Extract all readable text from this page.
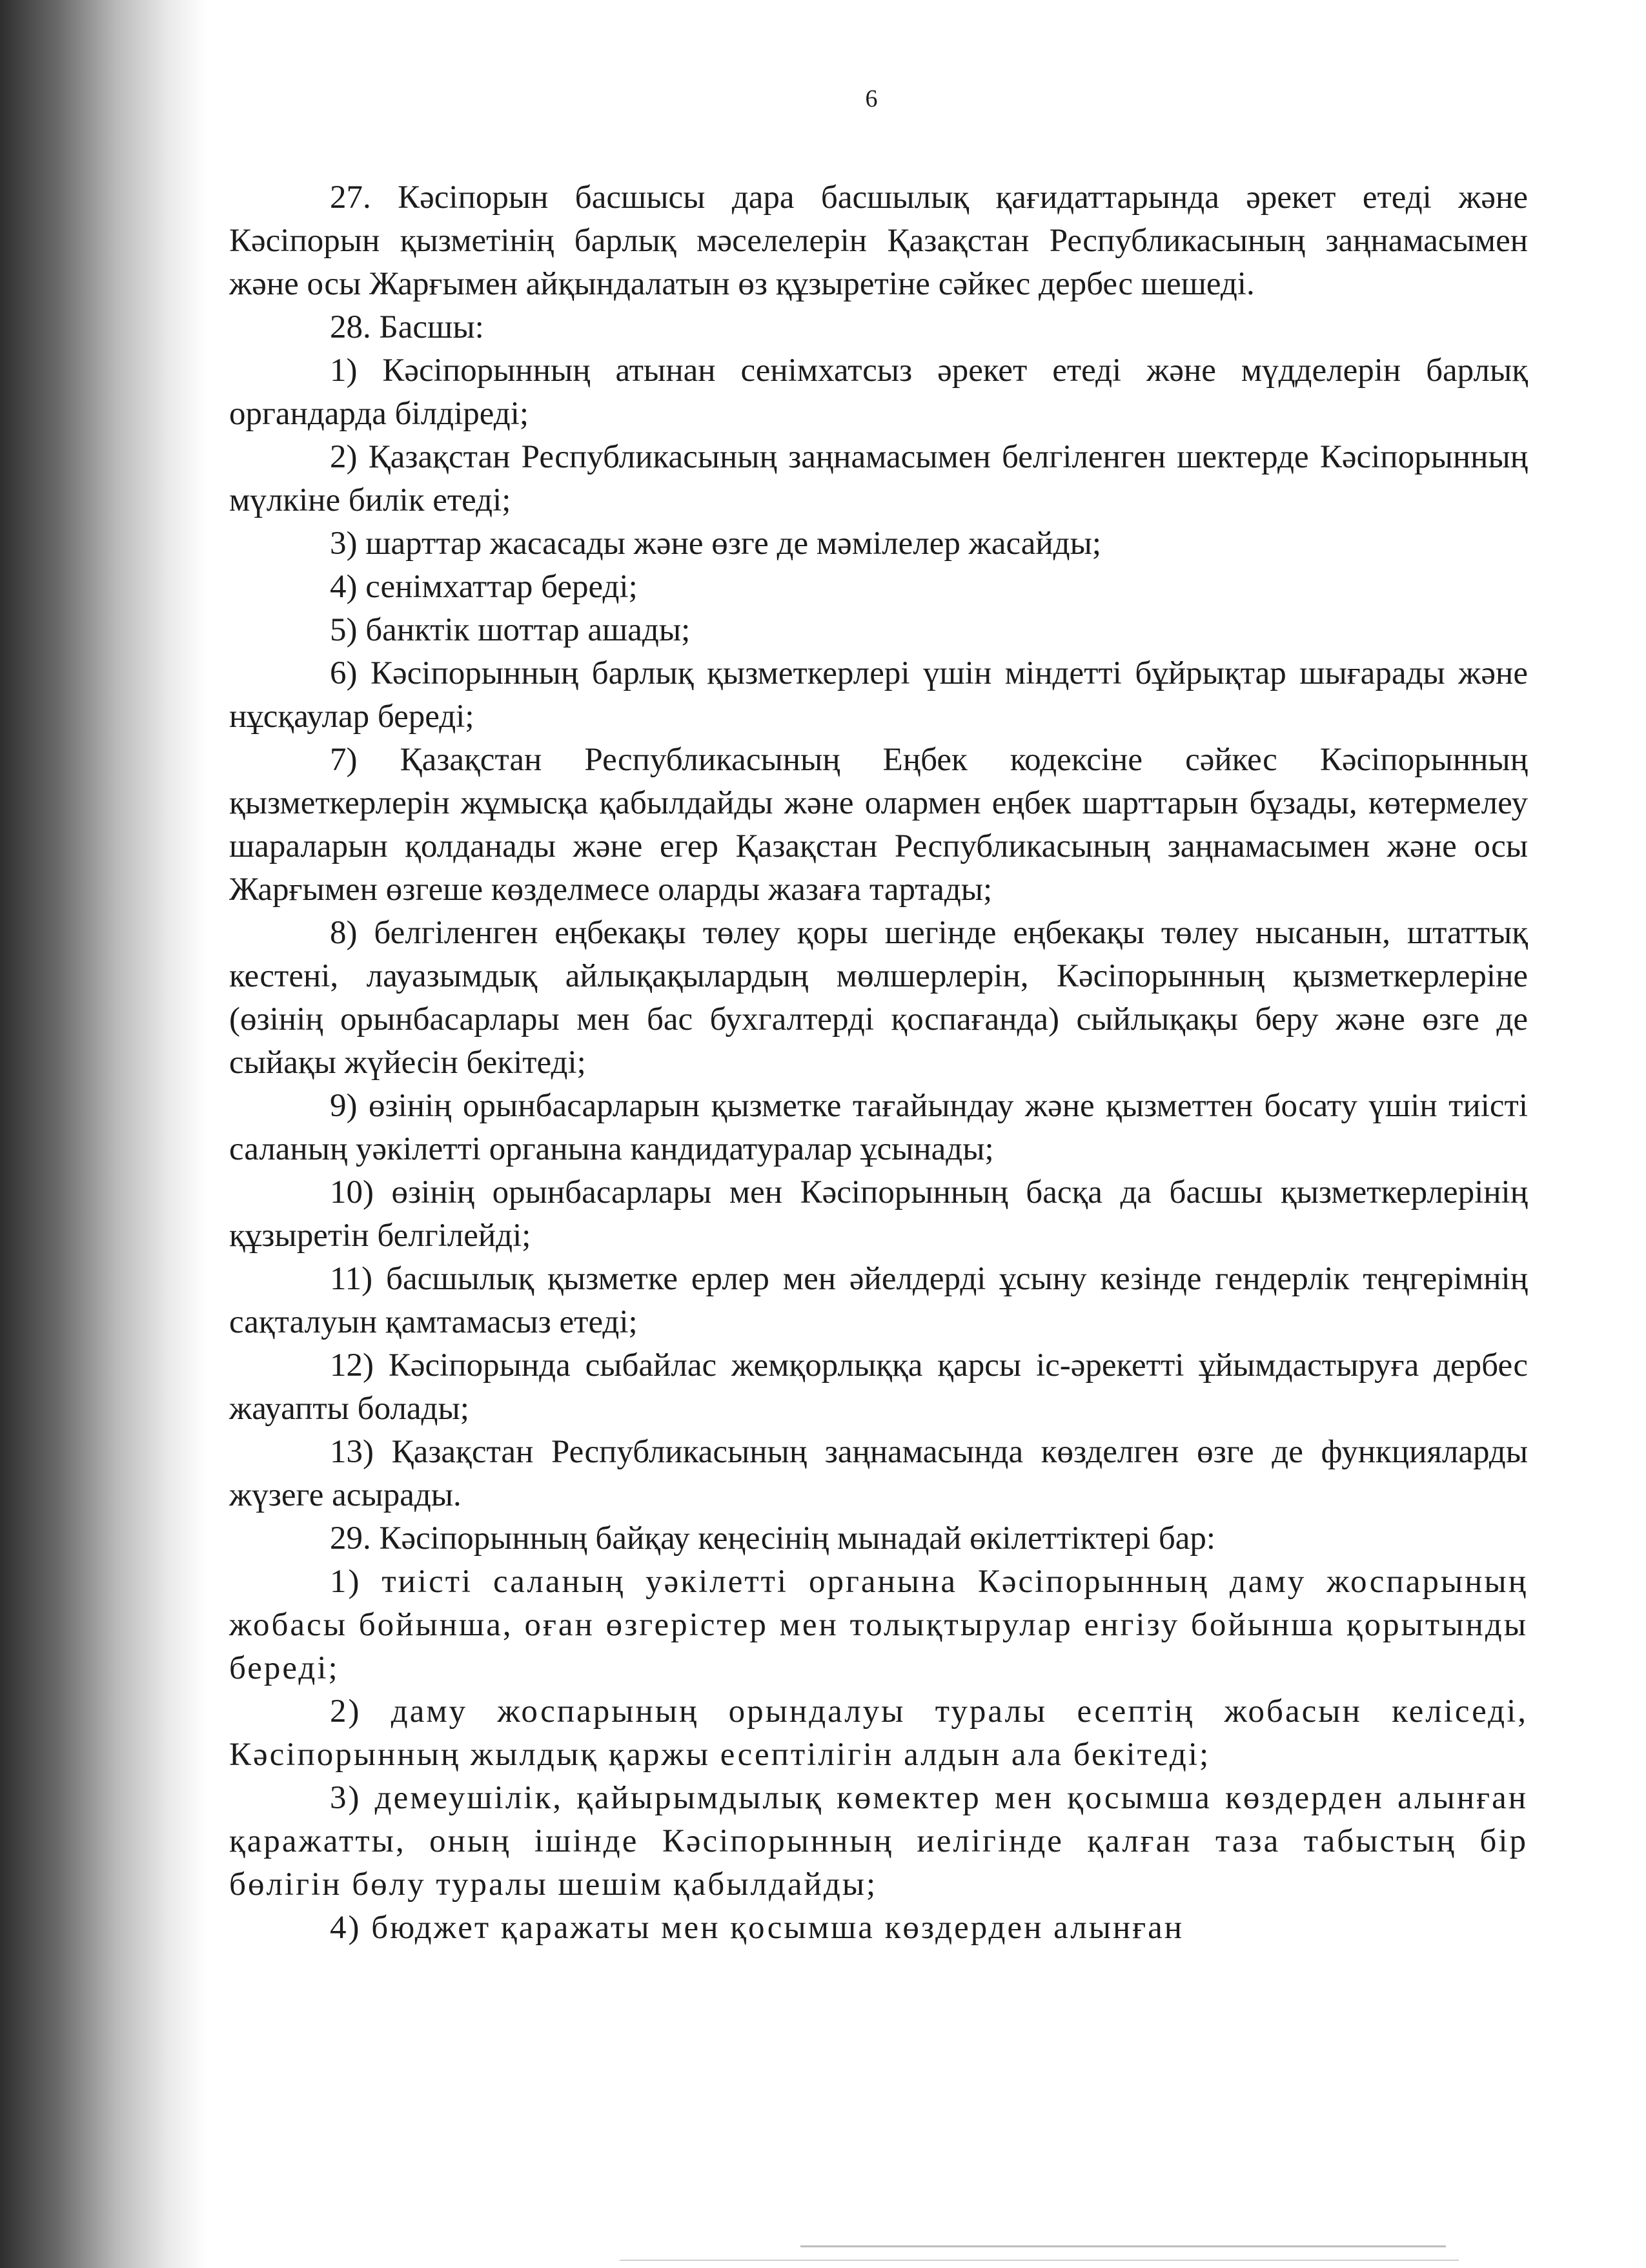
6

27. Кәсіпорын басшысы дара басшылық қағидаттарында әрекет етеді және Кәсіпорын қызметінің барлық мәселелерін Қазақстан Республикасының заңнамасымен және осы Жарғымен айқындалатын өз құзыретіне сәйкес дербес шешеді.

28. Басшы:

1) Кәсіпорынның атынан сенімхатсыз әрекет етеді және мүдделерін барлық органдарда білдіреді;

2) Қазақстан Республикасының заңнамасымен белгіленген шектерде Кәсіпорынның мүлкіне билік етеді;

3) шарттар жасасады және өзге де мәмілелер жасайды;

4) сенімхаттар береді;

5) банктік шоттар ашады;

6) Кәсіпорынның барлық қызметкерлері үшін міндетті бұйрықтар шығарады және нұсқаулар береді;

7) Қазақстан Республикасының Еңбек кодексіне сәйкес Кәсіпорынның қызметкерлерін жұмысқа қабылдайды және олармен еңбек шарттарын бұзады, көтермелеу шараларын қолданады және егер Қазақстан Республикасының заңнамасымен және осы Жарғымен өзгеше көзделмесе оларды жазаға тартады;

8) белгіленген еңбекақы төлеу қоры шегінде еңбекақы төлеу нысанын, штаттық кестені, лауазымдық айлықақылардың мөлшерлерін, Кәсіпорынның қызметкерлеріне (өзінің орынбасарлары мен бас бухгалтерді қоспағанда) сыйлықақы беру және өзге де сыйақы жүйесін бекітеді;

9) өзінің орынбасарларын қызметке тағайындау және қызметтен босату үшін тиісті саланың уәкілетті органына кандидатуралар ұсынады;

10) өзінің орынбасарлары мен Кәсіпорынның басқа да басшы қызметкерлерінің құзыретін белгілейді;

11) басшылық қызметке ерлер мен әйелдерді ұсыну кезінде гендерлік теңгерімнің сақталуын қамтамасыз етеді;

12) Кәсіпорында сыбайлас жемқорлыққа қарсы іс-әрекетті ұйымдастыруға дербес жауапты болады;

13) Қазақстан Республикасының заңнамасында көзделген өзге де функцияларды жүзеге асырады.

29. Кәсіпорынның байқау кеңесінің мынадай өкілеттіктері бар:

1) тиісті саланың уәкілетті органына Кәсіпорынның даму жоспарының жобасы бойынша, оған өзгерістер мен толықтырулар енгізу бойынша қорытынды береді;

2) даму жоспарының орындалуы туралы есептің жобасын келіседі, Кәсіпорынның жылдық қаржы есептілігін алдын ала бекітеді;

3) демеушілік, қайырымдылық көмектер мен қосымша көздерден алынған қаражатты, оның ішінде Кәсіпорынның иелігінде қалған таза табыстың бір бөлігін бөлу туралы шешім қабылдайды;

4) бюджет қаражаты мен қосымша көздерден алынған
